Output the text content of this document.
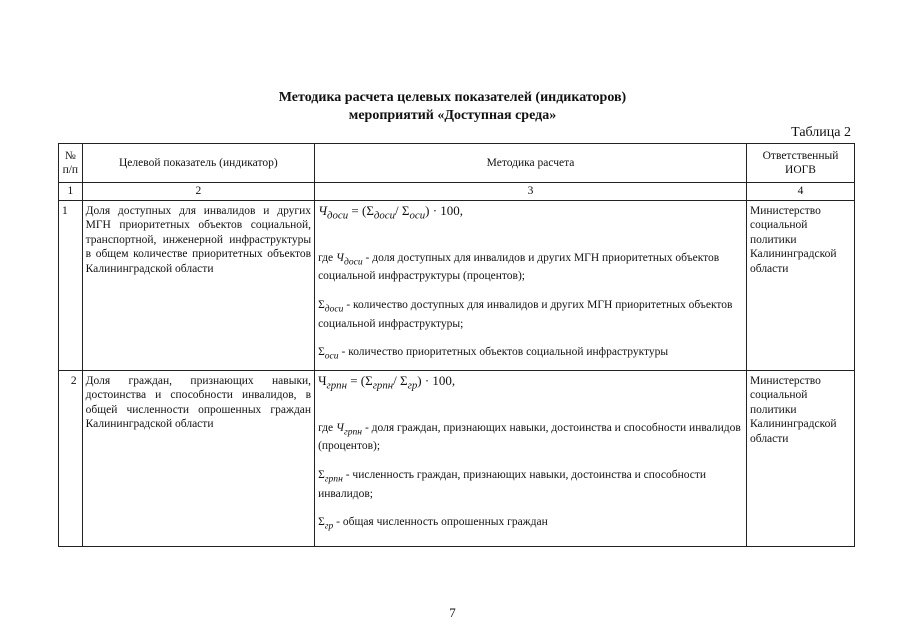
Методика расчета целевых показателей (индикаторов)
мероприятий «Доступная среда»
Таблица 2
№ п/п	Целевой показатель (индикатор)	Методика расчета	Ответственный ИОГВ
1	2	3	4
1	Доля доступных для инвалидов и других МГН приоритетных объектов социальной, транспортной, инженерной инфраструктуры в общем количестве приоритетных объектов Калининградской области	$Ч_{досu} = (\Sigma_{досu}/$ $\Sigma_{осu}) \cdot 100$,

где $Ч_{досu}$ - доля доступных для инвалидов и других МГН приоритетных объектов социальной инфраструктуры (процентов);

$\Sigma_{досu}$ - количество доступных для инвалидов и других МГН приоритетных объектов социальной инфраструктуры;

$\Sigma_{осu}$ - количество приоритетных объектов социальной инфраструктуры	Министерство социальной политики Калининградской области
2	Доля граждан, признающих навыки, достоинства и способности инвалидов, в общей численности опрошенных граждан Калининградской области	$Ч_{грпн} = (\Sigma_{грпн}/$ $\Sigma_{гр}) \cdot 100$,

где $Ч_{грпн}$ - доля граждан, признающих навыки, достоинства и способности инвалидов (процентов);

$\Sigma_{грпн}$ - численность граждан, признающих навыки, достоинства и способности инвалидов;

$\Sigma_{гр}$ - общая численность опрошенных граждан	Министерство социальной политики Калининградской области
7
